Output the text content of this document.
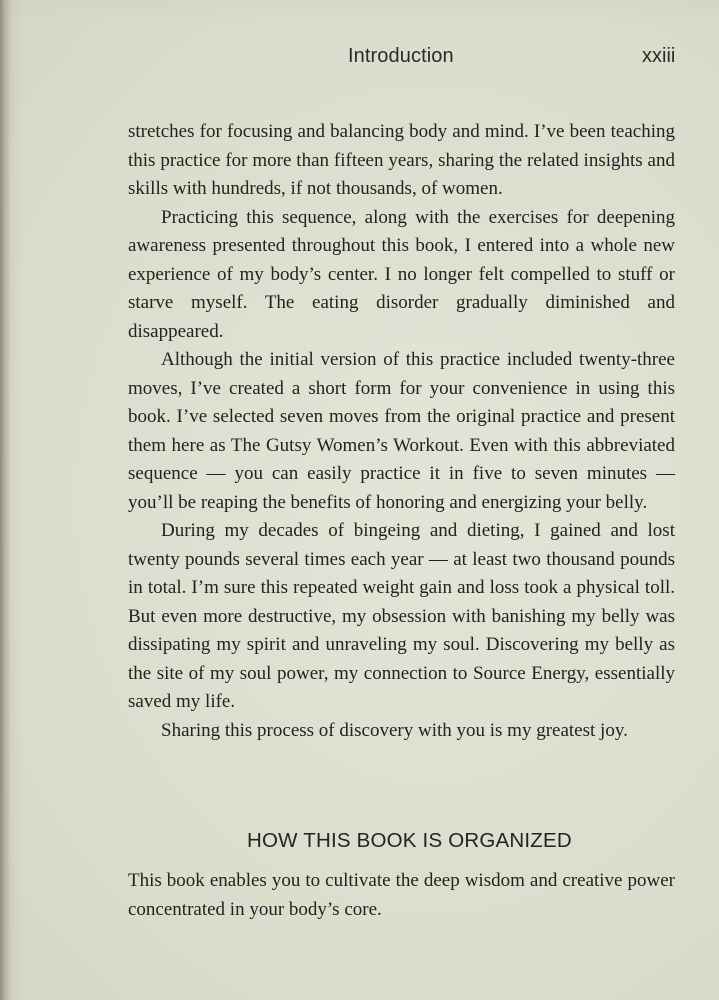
Introduction	xxiii

stretches for focusing and balancing body and mind. I’ve been teaching this practice for more than fifteen years, sharing the related insights and skills with hundreds, if not thousands, of women.

Practicing this sequence, along with the exercises for deepening awareness presented throughout this book, I entered into a whole new experience of my body’s center. I no longer felt compelled to stuff or starve myself. The eating disorder gradually diminished and disappeared.

Although the initial version of this practice included twenty-three moves, I’ve created a short form for your convenience in using this book. I’ve selected seven moves from the original practice and present them here as The Gutsy Women’s Workout. Even with this abbreviated sequence — you can easily practice it in five to seven minutes — you’ll be reaping the benefits of honoring and energizing your belly.

During my decades of bingeing and dieting, I gained and lost twenty pounds several times each year — at least two thousand pounds in total. I’m sure this repeated weight gain and loss took a physical toll. But even more destructive, my obsession with banishing my belly was dissipating my spirit and unraveling my soul. Discovering my belly as the site of my soul power, my connection to Source Energy, essentially saved my life.

Sharing this process of discovery with you is my greatest joy.

HOW THIS BOOK IS ORGANIZED
This book enables you to cultivate the deep wisdom and creative power concentrated in your body’s core.
